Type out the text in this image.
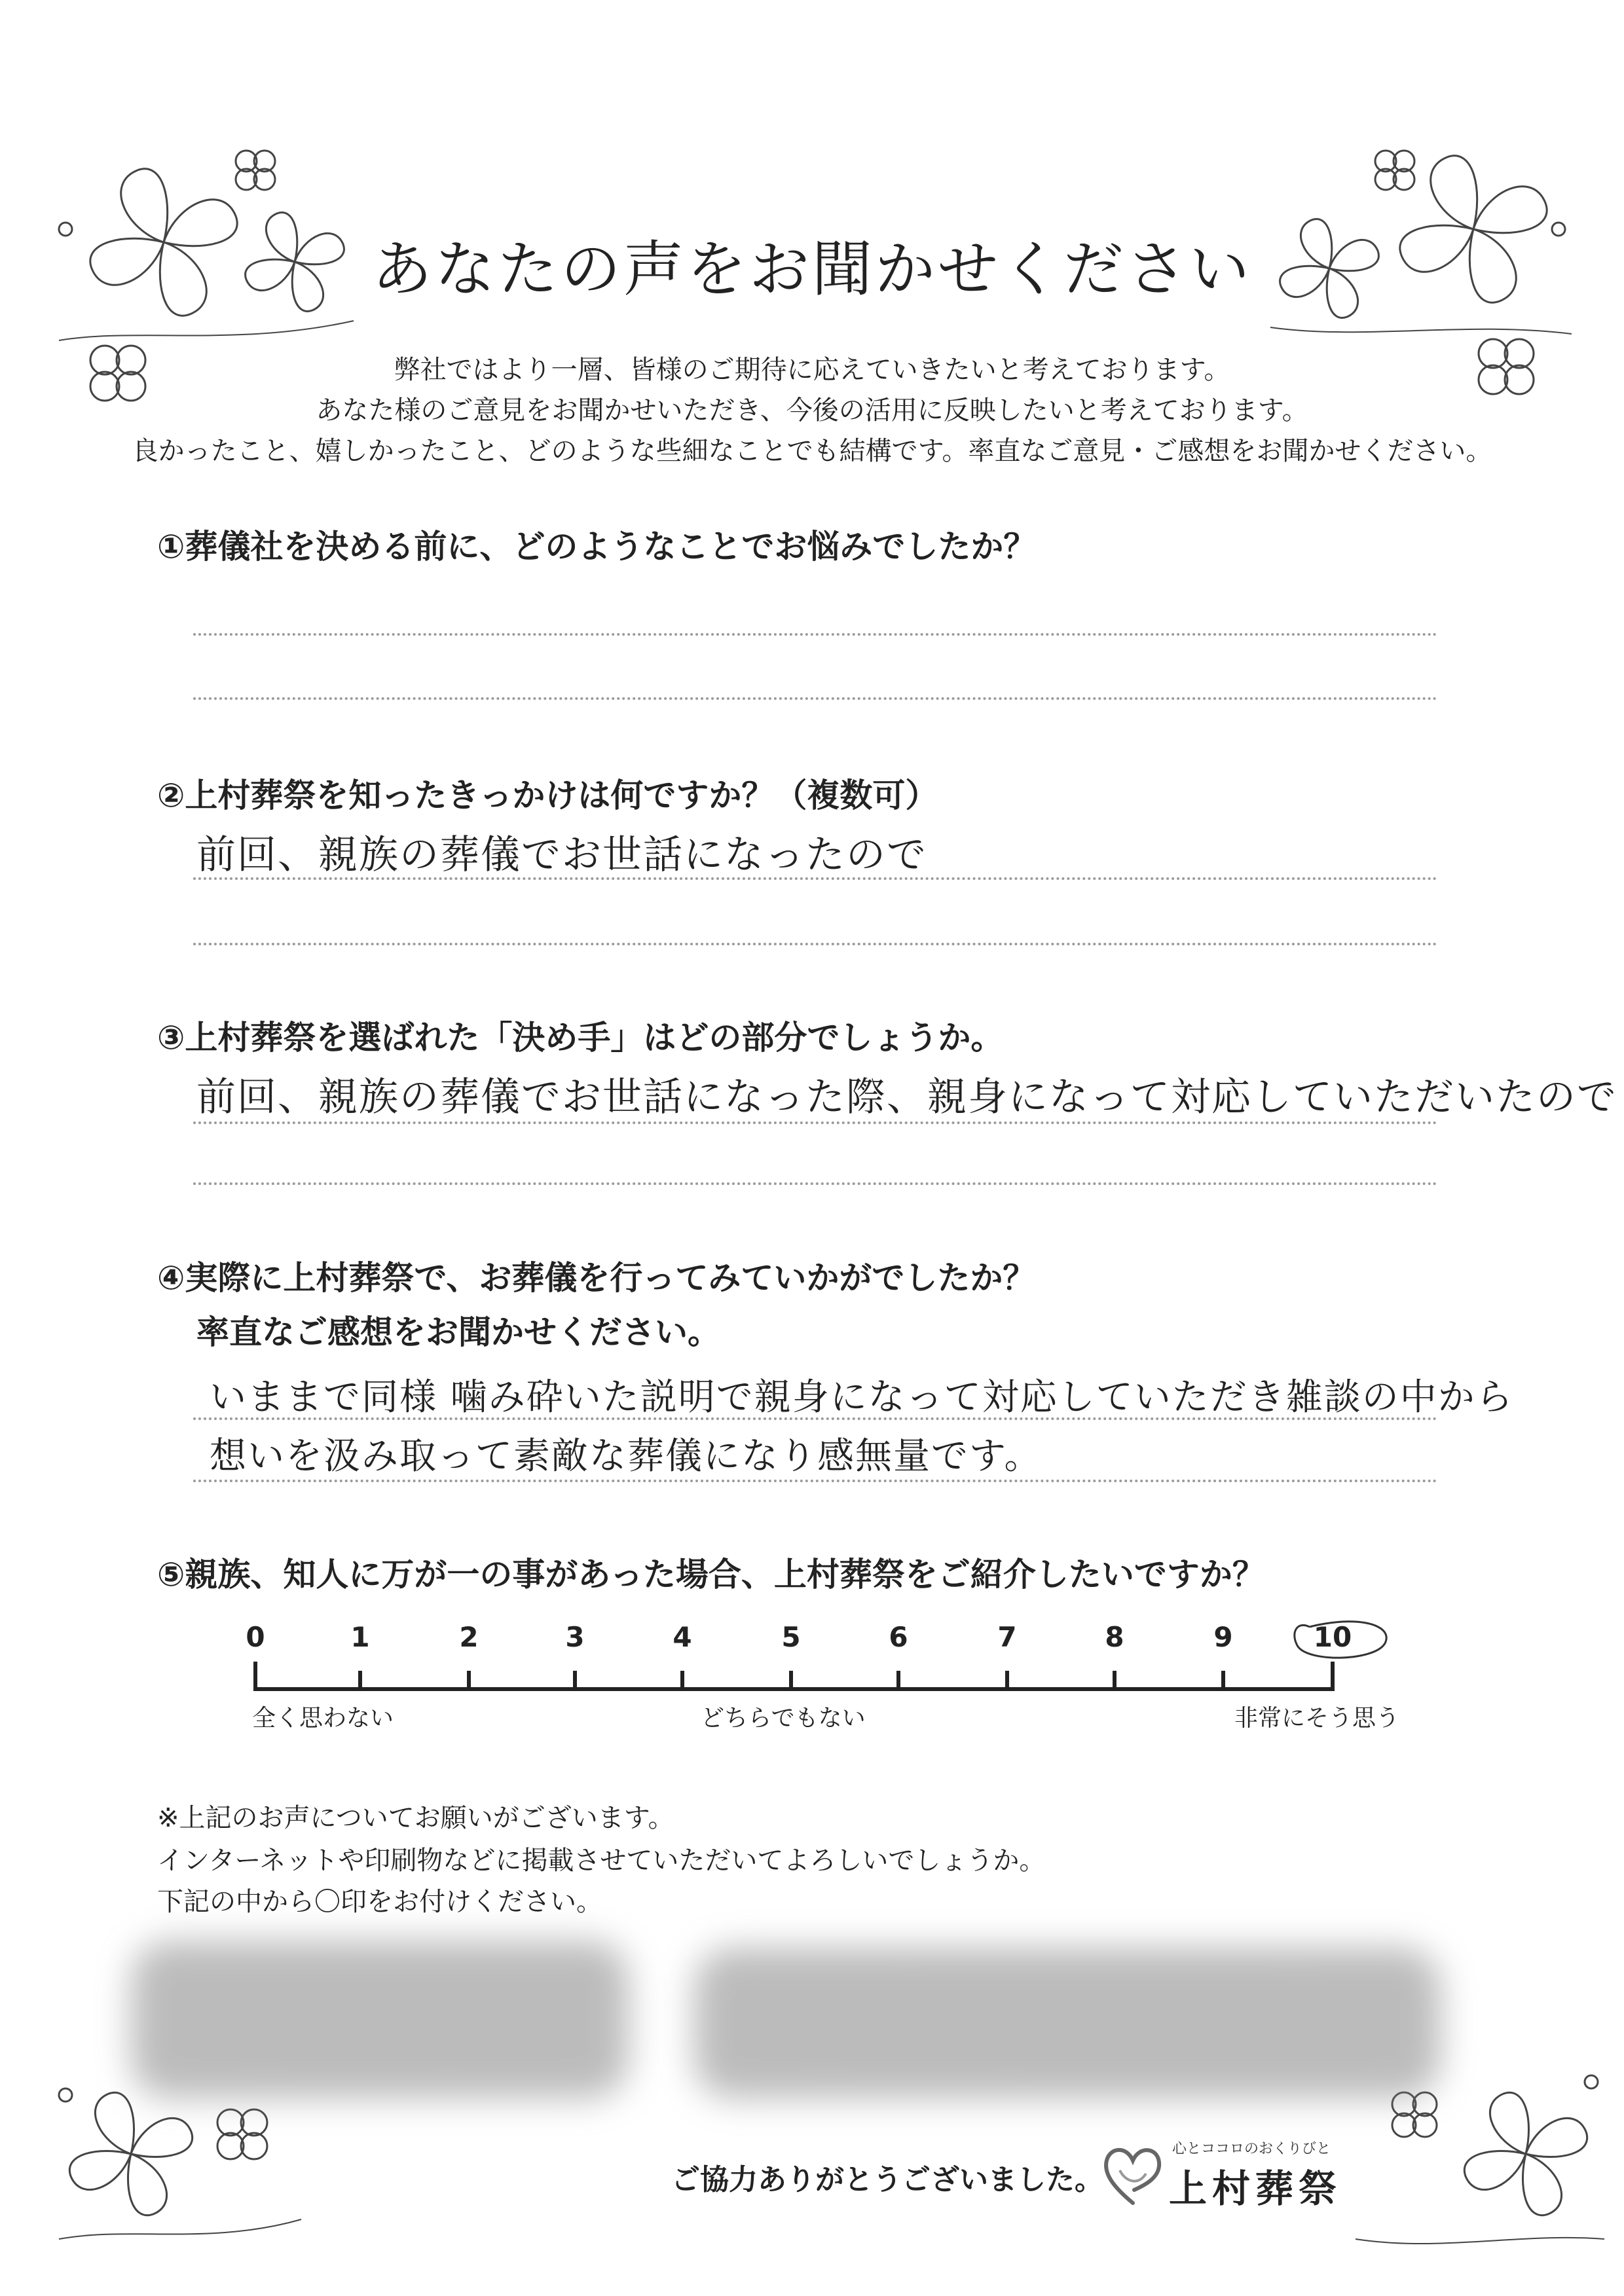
あなたの声をお聞かせください
弊社ではより一層、皆様のご期待に応えていきたいと考えております。
あなた様のご意見をお聞かせいただき、今後の活用に反映したいと考えております。
良かったこと、嬉しかったこと、どのような些細なことでも結構です。率直なご意見・ご感想をお聞かせください。
①葬儀社を決める前に、どのようなことでお悩みでしたか？
②上村葬祭を知ったきっかけは何ですか？（複数可）
前回、親族の葬儀でお世話になったので
③上村葬祭を選ばれた「決め手」はどの部分でしょうか。
前回、親族の葬儀でお世話になった際、親身になって対応していただいたので
④実際に上村葬祭で、お葬儀を行ってみていかがでしたか？
率直なご感想をお聞かせください。
いままで同様 噛み砕いた説明で親身になって対応していただき雑談の中から
想いを汲み取って素敵な葬儀になり感無量です。
⑤親族、知人に万が一の事があった場合、上村葬祭をご紹介したいですか？
0	1	2	3	4	5	6	7	8	9	10
全く思わない	どちらでもない	非常にそう思う
※上記のお声についてお願いがございます。
インターネットや印刷物などに掲載させていただいてよろしいでしょうか。
下記の中から〇印をお付けください。
ご協力ありがとうございました。
心とココロのおくりびと
上村葬祭
